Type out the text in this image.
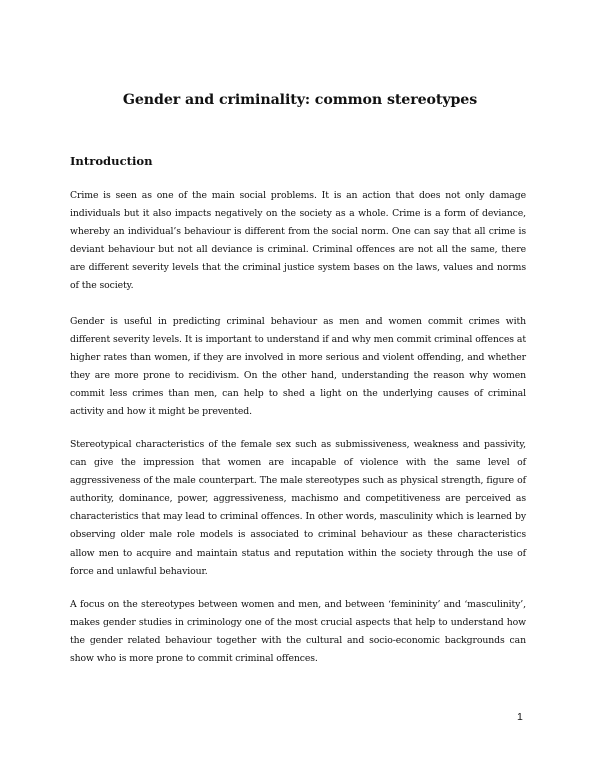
Gender and criminality: common stereotypes
Introduction

Crime is seen as one of the main social problems. It is an action that does not only damage individuals but it also impacts negatively on the society as a whole. Crime is a form of deviance, whereby an individual’s behaviour is different from the social norm. One can say that all crime is deviant behaviour but not all deviance is criminal. Criminal offences are not all the same, there are different severity levels that the criminal justice system bases on the laws, values and norms of the society.

Gender is useful in predicting criminal behaviour as men and women commit crimes with different severity levels. It is important to understand if and why men commit criminal offences at higher rates than women, if they are involved in more serious and violent offending, and whether they are more prone to recidivism. On the other hand, understanding the reason why women commit less crimes than men, can help to shed a light on the underlying causes of criminal activity and how it might be prevented.

Stereotypical characteristics of the female sex such as submissiveness, weakness and passivity, can give the impression that women are incapable of violence with the same level of aggressiveness of the male counterpart. The male stereotypes such as physical strength, figure of authority, dominance, power, aggressiveness, machismo and competitiveness are perceived as characteristics that may lead to criminal offences. In other words, masculinity which is learned by observing older male role models is associated to criminal behaviour as these characteristics allow men to acquire and maintain status and reputation within the society through the use of force and unlawful behaviour.

A focus on the stereotypes between women and men, and between ‘femininity’ and ‘masculinity’, makes gender studies in criminology one of the most crucial aspects that help to understand how the gender related behaviour together with the cultural and socio-economic backgrounds can show who is more prone to commit criminal offences.

1
